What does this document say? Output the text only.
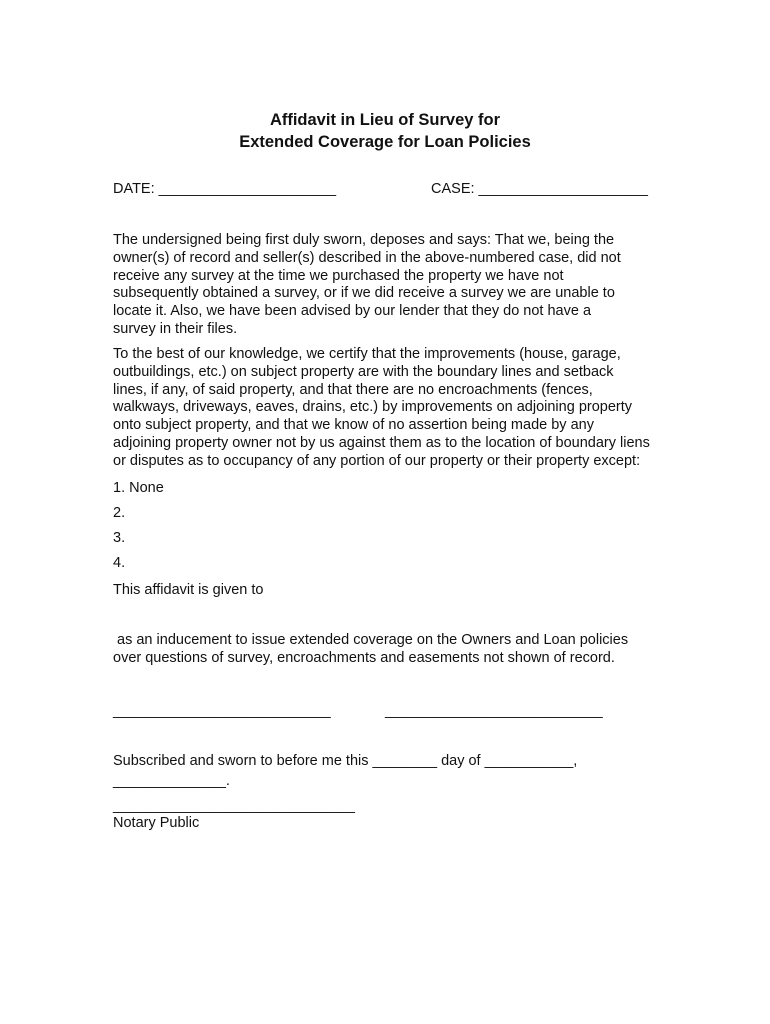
Affidavit in Lieu of Survey for
Extended Coverage for Loan Policies
DATE: ______________________	CASE: _____________________
The undersigned being first duly sworn, deposes and says: That we, being the
owner(s) of record and seller(s) described in the above-numbered case, did not
receive any survey at the time we purchased the property we have not
subsequently obtained a survey, or if we did receive a survey we are unable to
locate it. Also, we have been advised by our lender that they do not have a
survey in their files.
To the best of our knowledge, we certify that the improvements (house, garage,
outbuildings, etc.) on subject property are with the boundary lines and setback
lines, if any, of said property, and that there are no encroachments (fences,
walkways, driveways, eaves, drains, etc.) by improvements on adjoining property
onto subject property, and that we know of no assertion being made by any
adjoining property owner not by us against them as to the location of boundary liens
or disputes as to occupancy of any portion of our property or their property except:
1. None
2.
3.
4.
This affidavit is given to
as an inducement to issue extended coverage on the Owners and Loan policies
over questions of survey, encroachments and easements not shown of record.
___________________________	___________________________
Subscribed and sworn to before me this ________ day of ___________,
______________.
______________________________
Notary Public
